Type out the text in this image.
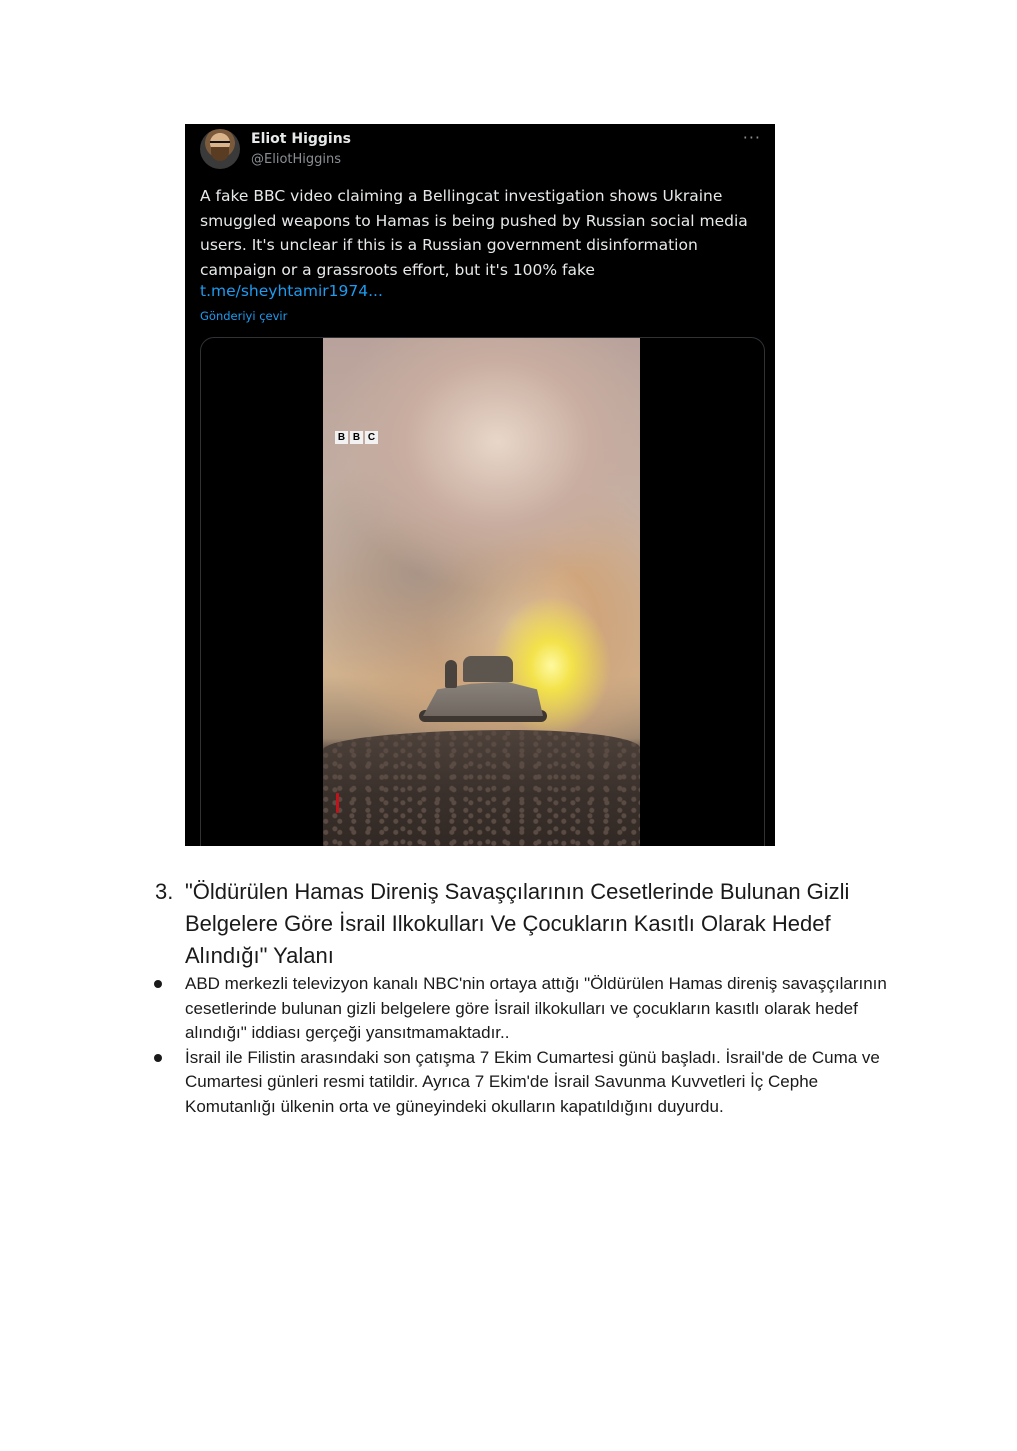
Eliot Higgins
@EliotHiggins
···
A fake BBC video claiming a Bellingcat investigation shows Ukraine smuggled weapons to Hamas is being pushed by Russian social media users. It's unclear if this is a Russian government disinformation campaign or a grassroots effort, but it's 100% fake
t.me/sheyhtamir1974...
Gönderiyi çevir
B B C
3. "Öldürülen Hamas Direniş Savaşçılarının Cesetlerinde Bulunan Gizli Belgelere Göre İsrail Ilkokulları Ve Çocukların Kasıtlı Olarak Hedef Alındığı" Yalanı
ABD merkezli televizyon kanalı NBC'nin ortaya attığı "Öldürülen Hamas direniş savaşçılarının cesetlerinde bulunan gizli belgelere göre İsrail ilkokulları ve çocukların kasıtlı olarak hedef alındığı" iddiası gerçeği yansıtmamaktadır..
İsrail ile Filistin arasındaki son çatışma 7 Ekim Cumartesi günü başladı. İsrail'de de Cuma ve Cumartesi günleri resmi tatildir. Ayrıca 7 Ekim'de İsrail Savunma Kuvvetleri İç Cephe Komutanlığı ülkenin orta ve güneyindeki okulların kapatıldığını duyurdu.
